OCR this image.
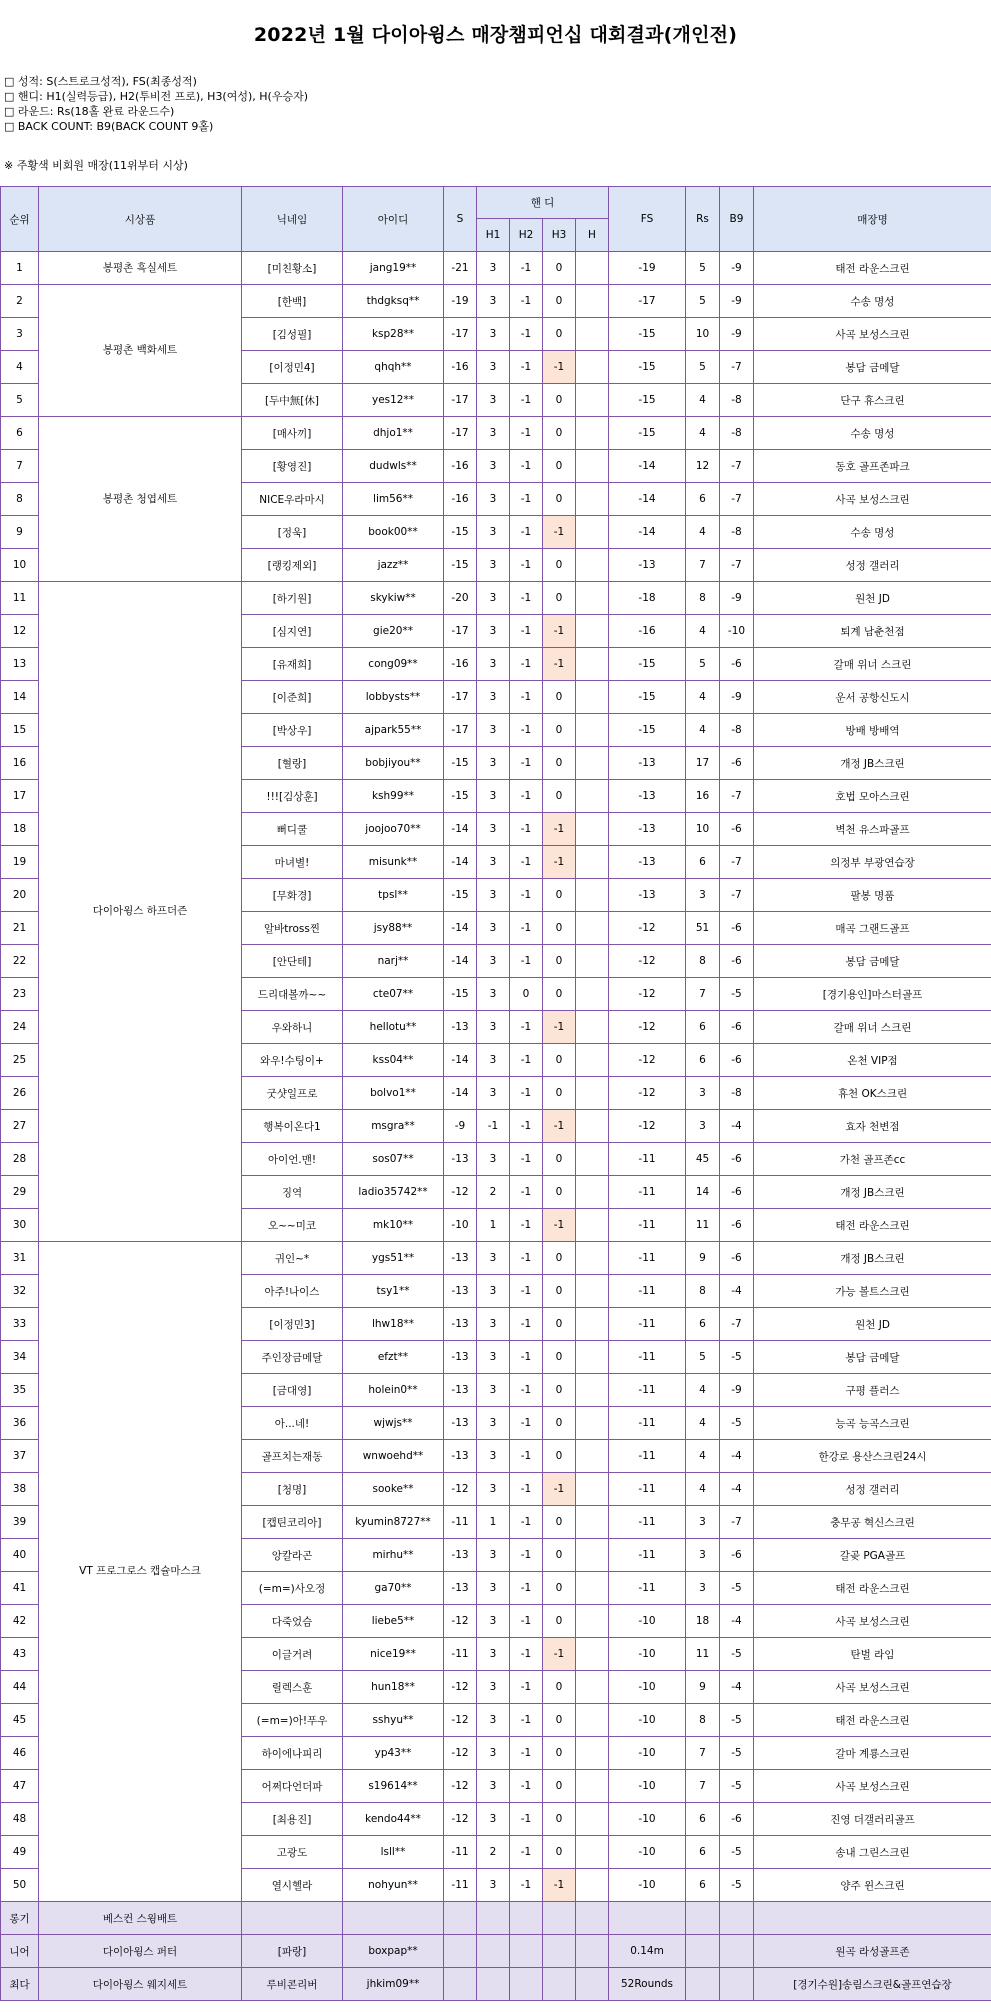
2022년 1월 다이아윙스 매장챔피언십 대회결과(개인전)
□ 성적: S(스트로크성적), FS(최종성적)
□ 핸디: H1(실력등급), H2(투비전 프로), H3(여성), H(우승자)
□ 라운드: Rs(18홀 완료 라운드수)
□ BACK COUNT: B9(BACK COUNT 9홀)
※ 주황색 비회원 매장(11위부터 시상)
순위	시상품	닉네임	아이디	S	핸 디				FS	Rs	B9	매장명
					H1	H2	H3	H				
1	봉평촌 흑실세트	[미친황소]	jang19**	-21	3	-1	0		-19	5	-9	태전 라운스크린
2	봉평촌 백화세트	[한백]	thdgksq**	-19	3	-1	0		-17	5	-9	수송 명성
3		[김성필]	ksp28**	-17	3	-1	0		-15	10	-9	사곡 보성스크린
4		[이정민4]	qhqh**	-16	3	-1	-1		-15	5	-7	봉담 금메달
5		[두中無[休]	yes12**	-17	3	-1	0		-15	4	-8	단구 휴스크린
6	봉평촌 청엽세트	[매사끼]	dhjo1**	-17	3	-1	0		-15	4	-8	수송 명성
7		[황영진]	dudwls**	-16	3	-1	0		-14	12	-7	동호 골프존파크
8		NICE우라마시	lim56**	-16	3	-1	0		-14	6	-7	사곡 보성스크린
9		[정욱]	book00**	-15	3	-1	-1		-14	4	-8	수송 명성
10		[랭킹제외]	jazz**	-15	3	-1	0		-13	7	-7	성정 갤러리
11	다이아윙스 하프더즌	[하기원]	skykiw**	-20	3	-1	0		-18	8	-9	원천 JD
12		[심지연]	gie20**	-17	3	-1	-1		-16	4	-10	퇴계 남춘천점
13		[유재희]	cong09**	-16	3	-1	-1		-15	5	-6	갈매 위너 스크린
14		[이준희]	lobbysts**	-17	3	-1	0		-15	4	-9	운서 공항신도시
15		[박상우]	ajpark55**	-17	3	-1	0		-15	4	-8	방배 방배역
16		[혈랑]	bobjiyou**	-15	3	-1	0		-13	17	-6	개정 JB스크린
17		!!![김상훈]	ksh99**	-15	3	-1	0		-13	16	-7	호법 모아스크린
18		뻐디쿨	joojoo70**	-14	3	-1	-1		-13	10	-6	벽천 유스파골프
19		마녀별!	misunk**	-14	3	-1	-1		-13	6	-7	의정부 부광연습장
20		[무화경]	tpsl**	-15	3	-1	0		-13	3	-7	팔봉 명품
21		알바tross찐	jsy88**	-14	3	-1	0		-12	51	-6	매곡 그랜드골프
22		[안단테]	narj**	-14	3	-1	0		-12	8	-6	봉담 금메달
23		드리대볼까~~	cte07**	-15	3	0	0		-12	7	-5	[경기용인]마스터골프
24		우와하니	hellotu**	-13	3	-1	-1		-12	6	-6	갈매 위너 스크린
25		와우!수팅이+	kss04**	-14	3	-1	0		-12	6	-6	온천 VIP점
26		굿샷일프로	bolvo1**	-14	3	-1	0		-12	3	-8	휴천 OK스크린
27		행복이온다1	msgra**	-9	-1	-1	-1		-12	3	-4	효자 천변점
28		아이언.맨!	sos07**	-13	3	-1	0		-11	45	-6	가천 골프존cc
29		징역	ladio35742**	-12	2	-1	0		-11	14	-6	개정 JB스크린
30		오~~미코	mk10**	-10	1	-1	-1		-11	11	-6	태전 라운스크린
31	VT 프로그로스 캡슐마스크	귀인~*	ygs51**	-13	3	-1	0		-11	9	-6	개정 JB스크린
32		아주!나이스	tsy1**	-13	3	-1	0		-11	8	-4	가능 볼트스크린
33		[이정민3]	lhw18**	-13	3	-1	0		-11	6	-7	원천 JD
34		주인장금메달	efzt**	-13	3	-1	0		-11	5	-5	봉담 금메달
35		[금대영]	holein0**	-13	3	-1	0		-11	4	-9	구평 플러스
36		아...네!	wjwjs**	-13	3	-1	0		-11	4	-5	능곡 능곡스크린
37		골프치는재동	wnwoehd**	-13	3	-1	0		-11	4	-4	한강로 용산스크린24시
38		[청명]	sooke**	-12	3	-1	-1		-11	4	-4	성정 갤러리
39		[캡틴코리아]	kyumin8727**	-11	1	-1	0		-11	3	-7	충무공 혁신스크린
40		앙칼라곤	mirhu**	-13	3	-1	0		-11	3	-6	갈곶 PGA골프
41		(=m=)사오정	ga70**	-13	3	-1	0		-11	3	-5	태전 라운스크린
42		다죽었슴	liebe5**	-12	3	-1	0		-10	18	-4	사곡 보성스크린
43		이글거려	nice19**	-11	3	-1	-1		-10	11	-5	탄벌 라임
44		릴렉스훈	hun18**	-12	3	-1	0		-10	9	-4	사곡 보성스크린
45		(=m=)아!푸우	sshyu**	-12	3	-1	0		-10	8	-5	태전 라운스크린
46		하이에나피리	yp43**	-12	3	-1	0		-10	7	-5	갈마 계룡스크린
47		어쩌다언더파	s19614**	-12	3	-1	0		-10	7	-5	사곡 보성스크린
48		[최용진]	kendo44**	-12	3	-1	0		-10	6	-6	진영 더갤러리골프
49		고광도	lsll**	-11	2	-1	0		-10	6	-5	송내 그린스크린
50		열시헬라	nohyun**	-11	3	-1	-1		-10	6	-5	양주 윈스크린
롱기	베스컨 스윙배트											
니어	다이아윙스 퍼터	[파랑]	boxpap**						0.14m			원곡 라성골프존
최다	다이아윙스 웨지세트	루비콘리버	jhkim09**						52Rounds			[경기수원]송림스크린&골프연습장
